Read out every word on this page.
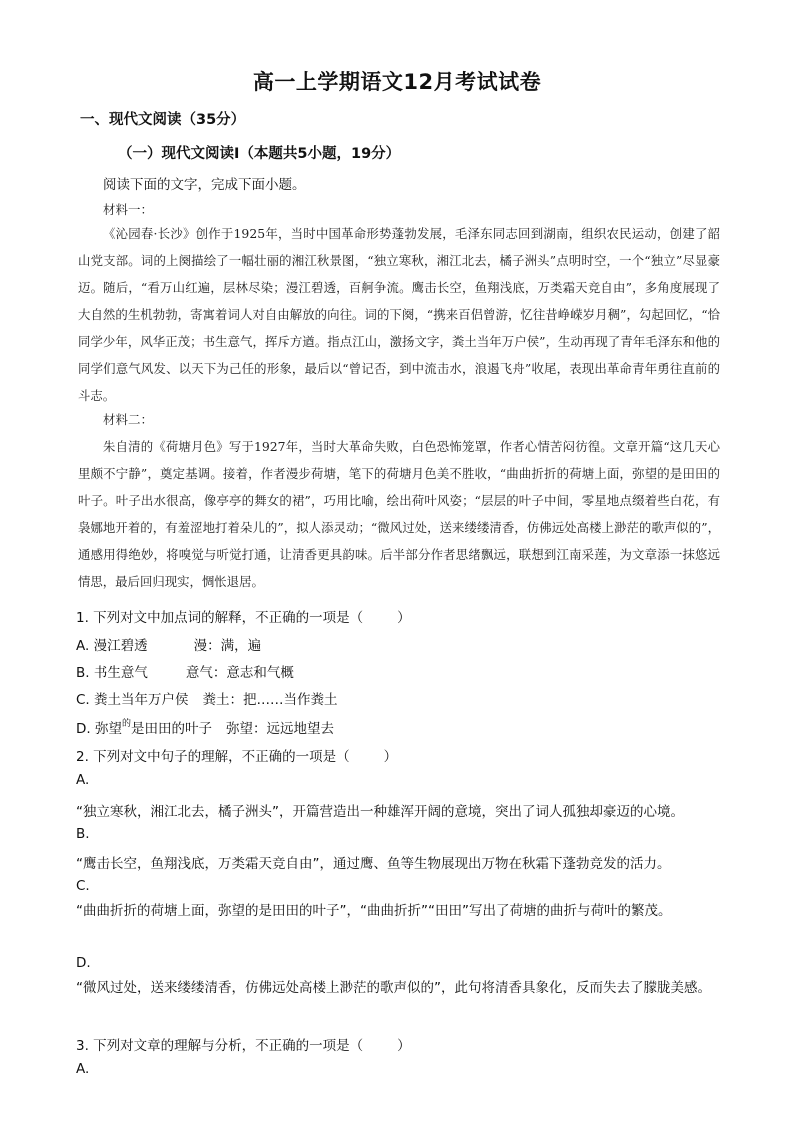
高一上学期语文12月考试试卷
一、现代文阅读（35分）
（一）现代文阅读Ⅰ（本题共5小题，19分）
阅读下面的文字，完成下面小题。
材料一：

《沁园春·长沙》创作于1925年，当时中国革命形势蓬勃发展，毛泽东同志回到湖南，组织农民运动，创建了韶山党支部。词的上阕描绘了一幅壮丽的湘江秋景图，“独立寒秋，湘江北去，橘子洲头”点明时空，一个“独立”尽显豪迈。随后，“看万山红遍，层林尽染；漫江碧透，百舸争流。鹰击长空，鱼翔浅底，万类霜天竞自由”，多角度展现了大自然的生机勃勃，寄寓着词人对自由解放的向往。词的下阕，“携来百侣曾游，忆往昔峥嵘岁月稠”，勾起回忆，“恰同学少年，风华正茂；书生意气，挥斥方遒。指点江山，激扬文字，粪土当年万户侯”，生动再现了青年毛泽东和他的同学们意气风发、以天下为己任的形象，最后以“曾记否，到中流击水，浪遏飞舟”收尾，表现出革命青年勇往直前的斗志。

材料二：

朱自清的《荷塘月色》写于1927年，当时大革命失败，白色恐怖笼罩，作者心情苦闷彷徨。文章开篇“这几天心里颇不宁静”，奠定基调。接着，作者漫步荷塘，笔下的荷塘月色美不胜收，“曲曲折折的荷塘上面，弥望的是田田的叶子。叶子出水很高，像亭亭的舞女的裙”，巧用比喻，绘出荷叶风姿；“层层的叶子中间，零星地点缀着些白花，有袅娜地开着的，有羞涩地打着朵儿的”，拟人添灵动；“微风过处，送来缕缕清香，仿佛远处高楼上渺茫的歌声似的”，通感用得绝妙，将嗅觉与听觉打通，让清香更具韵味。后半部分作者思绪飘远，联想到江南采莲，为文章添一抹悠远情思，最后回归现实，惆怅退居。

1. 下列对文中加点词的解释，不正确的一项是（	）
A. 漫江碧透	漫：满，遍
B. 书生意气	意气：意志和气概
C. 粪土当年万户侯 粪土：把……当作粪土
D. 弥望$^的$是田田的叶子 弥望：远远地望去
2. 下列对文中句子的理解，不正确的一项是（	）
A.
“独立寒秋，湘江北去，橘子洲头”，开篇营造出一种雄浑开阔的意境，突出了词人孤独却豪迈的心境。
B.
“鹰击长空，鱼翔浅底，万类霜天竞自由”，通过鹰、鱼等生物展现出万物在秋霜下蓬勃竞发的活力。
C.

“曲曲折折的荷塘上面，弥望的是田田的叶子”，“曲曲折折”“田田”写出了荷塘的曲折与荷叶的繁茂。

D.

“微风过处，送来缕缕清香，仿佛远处高楼上渺茫的歌声似的”，此句将清香具象化，反而失去了朦胧美感。

3. 下列对文章的理解与分析，不正确的一项是（	）
A.
